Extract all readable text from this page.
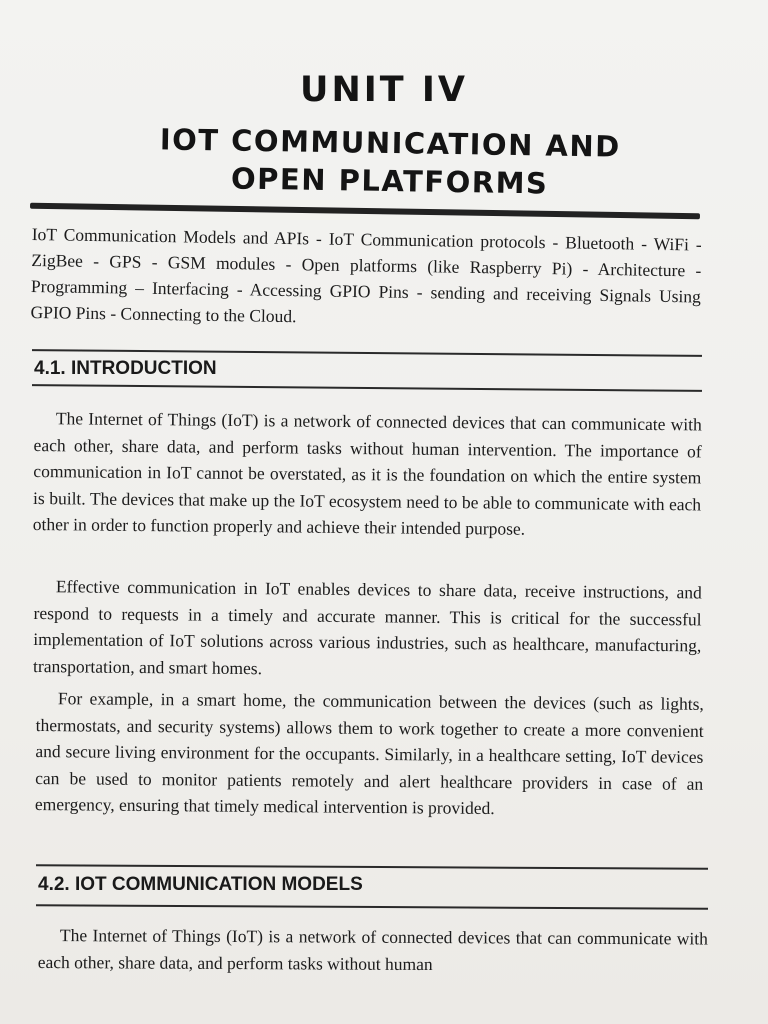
UNIT IV
IOT COMMUNICATION AND
OPEN PLATFORMS

IoT Communication Models and APIs - IoT Communication protocols - Bluetooth - WiFi - ZigBee - GPS - GSM modules - Open platforms (like Raspberry Pi) - Architecture - Programming – Interfacing - Accessing GPIO Pins - sending and receiving Signals Using GPIO Pins - Connecting to the Cloud.

4.1. INTRODUCTION

The Internet of Things (IoT) is a network of connected devices that can communicate with each other, share data, and perform tasks without human intervention. The importance of communication in IoT cannot be overstated, as it is the foundation on which the entire system is built. The devices that make up the IoT ecosystem need to be able to communicate with each other in order to function properly and achieve their intended purpose.

Effective communication in IoT enables devices to share data, receive instructions, and respond to requests in a timely and accurate manner. This is critical for the successful implementation of IoT solutions across various industries, such as healthcare, manufacturing, transportation, and smart homes.

For example, in a smart home, the communication between the devices (such as lights, thermostats, and security systems) allows them to work together to create a more convenient and secure living environment for the occupants. Similarly, in a healthcare setting, IoT devices can be used to monitor patients remotely and alert healthcare providers in case of an emergency, ensuring that timely medical intervention is provided.

4.2. IOT COMMUNICATION MODELS

The Internet of Things (IoT) is a network of connected devices that can communicate with each other, share data, and perform tasks without human
